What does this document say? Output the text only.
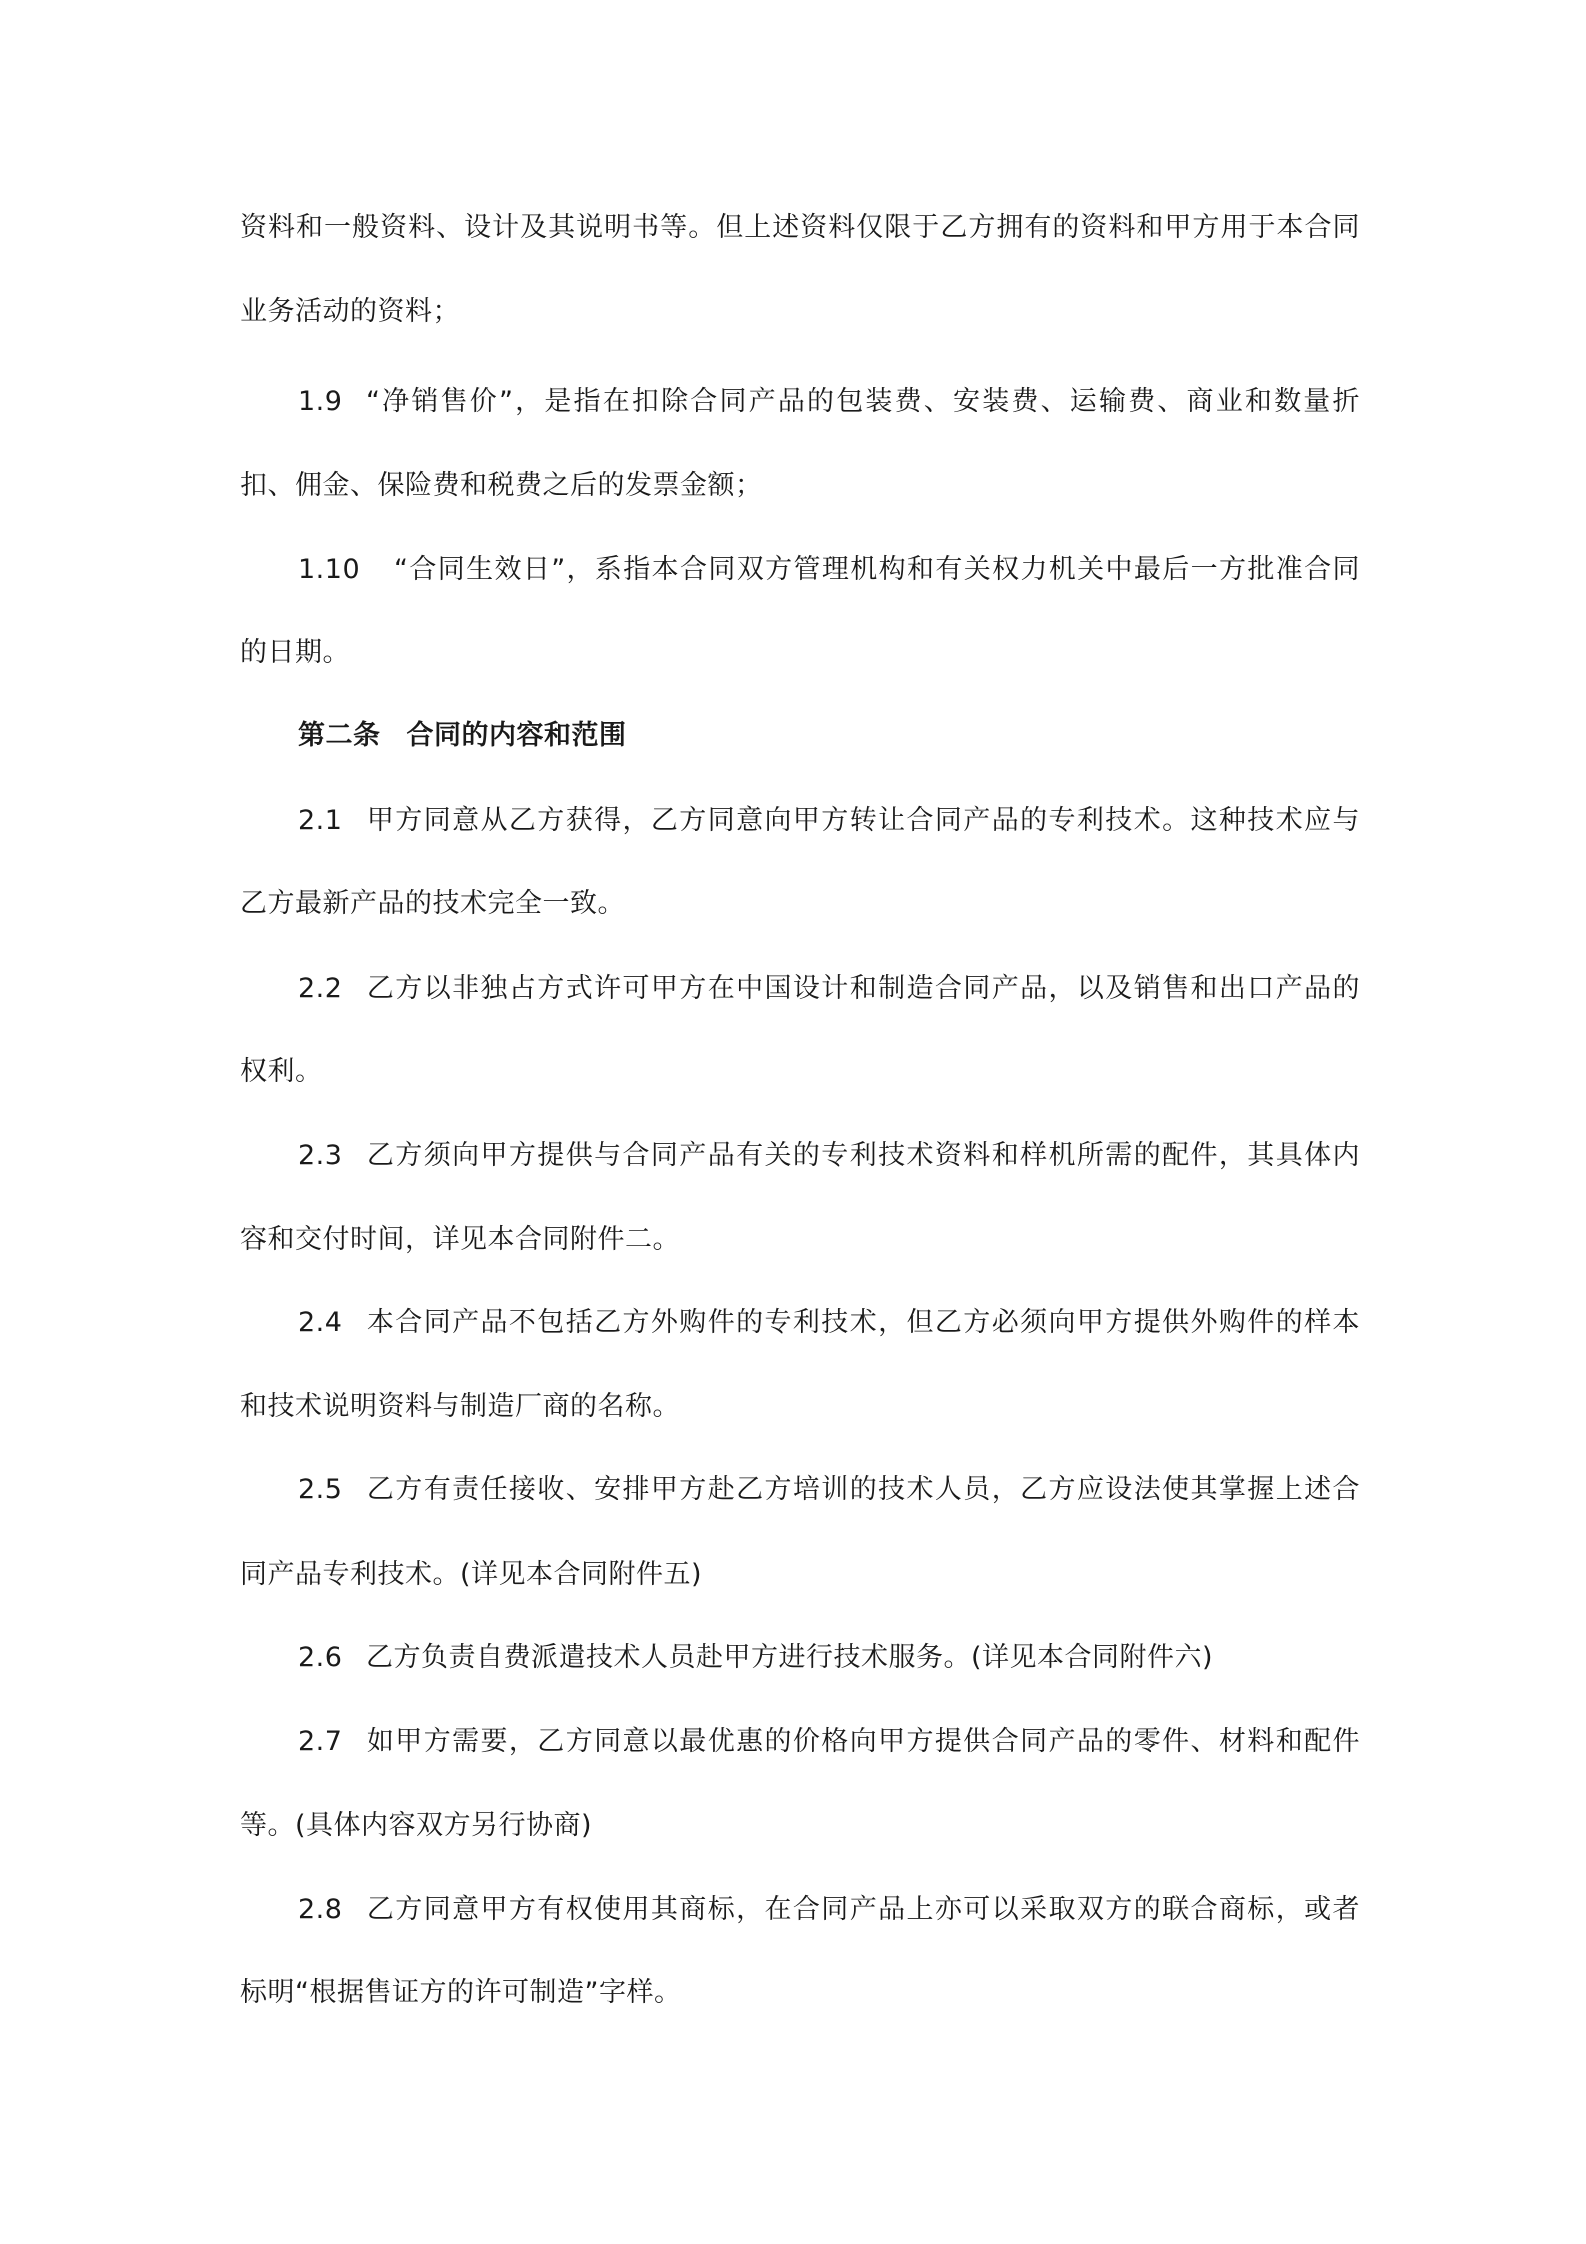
资料和一般资料、设计及其说明书等。但上述资料仅限于乙方拥有的资料和甲方用于本合同
业务活动的资料；
1.9 “净销售价”，是指在扣除合同产品的包装费、安装费、运输费、商业和数量折
扣、佣金、保险费和税费之后的发票金额；
1.10 “合同生效日”，系指本合同双方管理机构和有关权力机关中最后一方批准合同
的日期。
第二条 合同的内容和范围
2.1 甲方同意从乙方获得，乙方同意向甲方转让合同产品的专利技术。这种技术应与
乙方最新产品的技术完全一致。
2.2 乙方以非独占方式许可甲方在中国设计和制造合同产品，以及销售和出口产品的
权利。
2.3 乙方须向甲方提供与合同产品有关的专利技术资料和样机所需的配件，其具体内
容和交付时间，详见本合同附件二。
2.4 本合同产品不包括乙方外购件的专利技术，但乙方必须向甲方提供外购件的样本
和技术说明资料与制造厂商的名称。
2.5 乙方有责任接收、安排甲方赴乙方培训的技术人员，乙方应设法使其掌握上述合
同产品专利技术。(详见本合同附件五)
2.6 乙方负责自费派遣技术人员赴甲方进行技术服务。(详见本合同附件六)
2.7 如甲方需要，乙方同意以最优惠的价格向甲方提供合同产品的零件、材料和配件
等。(具体内容双方另行协商)
2.8 乙方同意甲方有权使用其商标，在合同产品上亦可以采取双方的联合商标，或者
标明“根据售证方的许可制造”字样。
